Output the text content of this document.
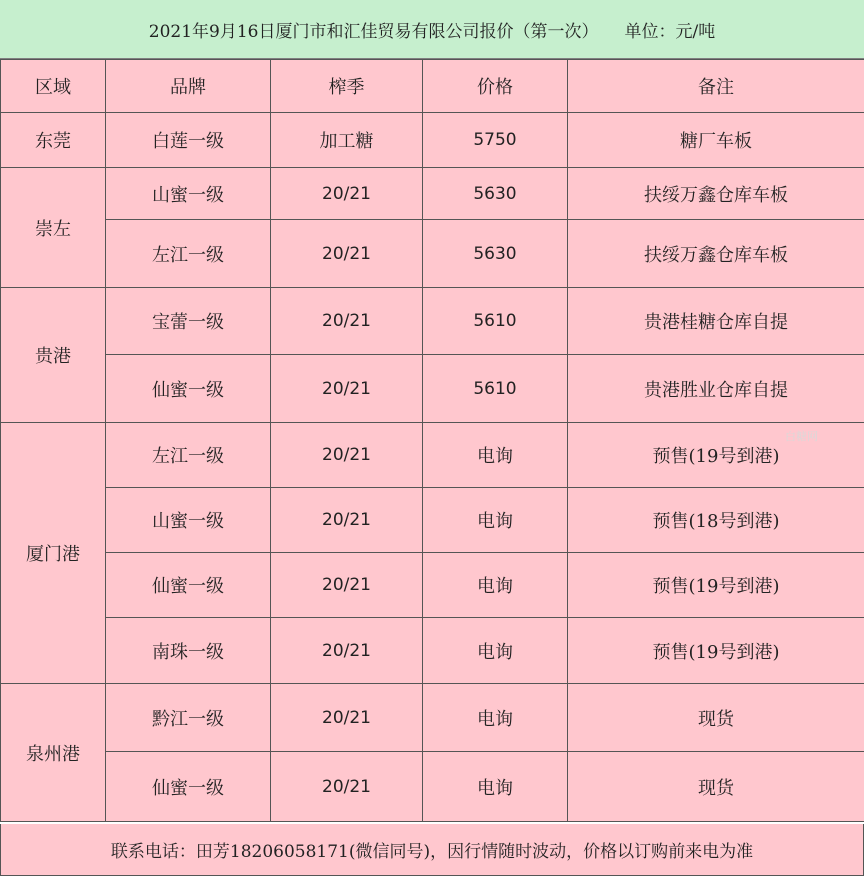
2021年9月16日厦门市和汇佳贸易有限公司报价（第一次） 单位：元/吨
区域	品牌	榨季	价格	备注
东莞	白莲一级	加工糖	5750	糖厂车板
崇左	山蜜一级	20/21	5630	扶绥万鑫仓库车板
	左江一级	20/21	5630	扶绥万鑫仓库车板
贵港	宝蕾一级	20/21	5610	贵港桂糖仓库自提
	仙蜜一级	20/21	5610	贵港胜业仓库自提
厦门港	左江一级	20/21	电询	预售(19号到港)
	山蜜一级	20/21	电询	预售(18号到港)
	仙蜜一级	20/21	电询	预售(19号到港)
	南珠一级	20/21	电询	预售(19号到港)
泉州港	黔江一级	20/21	电询	现货
	仙蜜一级	20/21	电询	现货
联系电话：田芳18206058171(微信同号)，因行情随时波动，价格以订购前来电为准
白糖网
